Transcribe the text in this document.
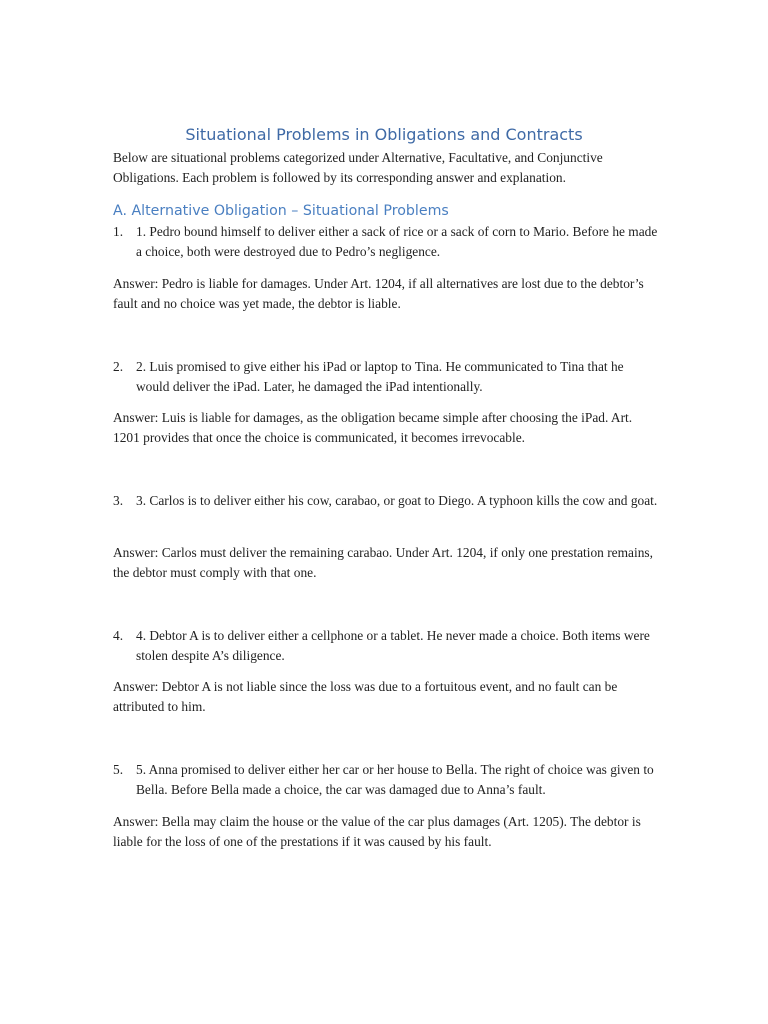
Situational Problems in Obligations and Contracts
Below are situational problems categorized under Alternative, Facultative, and Conjunctive Obligations. Each problem is followed by its corresponding answer and explanation.
A. Alternative Obligation – Situational Problems
1. 1. Pedro bound himself to deliver either a sack of rice or a sack of corn to Mario. Before he made a choice, both were destroyed due to Pedro’s negligence.
Answer: Pedro is liable for damages. Under Art. 1204, if all alternatives are lost due to the debtor’s fault and no choice was yet made, the debtor is liable.
2. 2. Luis promised to give either his iPad or laptop to Tina. He communicated to Tina that he would deliver the iPad. Later, he damaged the iPad intentionally.
Answer: Luis is liable for damages, as the obligation became simple after choosing the iPad. Art. 1201 provides that once the choice is communicated, it becomes irrevocable.
3. 3. Carlos is to deliver either his cow, carabao, or goat to Diego. A typhoon kills the cow and goat.
Answer: Carlos must deliver the remaining carabao. Under Art. 1204, if only one prestation remains, the debtor must comply with that one.
4. 4. Debtor A is to deliver either a cellphone or a tablet. He never made a choice. Both items were stolen despite A’s diligence.
Answer: Debtor A is not liable since the loss was due to a fortuitous event, and no fault can be attributed to him.
5. 5. Anna promised to deliver either her car or her house to Bella. The right of choice was given to Bella. Before Bella made a choice, the car was damaged due to Anna’s fault.
Answer: Bella may claim the house or the value of the car plus damages (Art. 1205). The debtor is liable for the loss of one of the prestations if it was caused by his fault.
